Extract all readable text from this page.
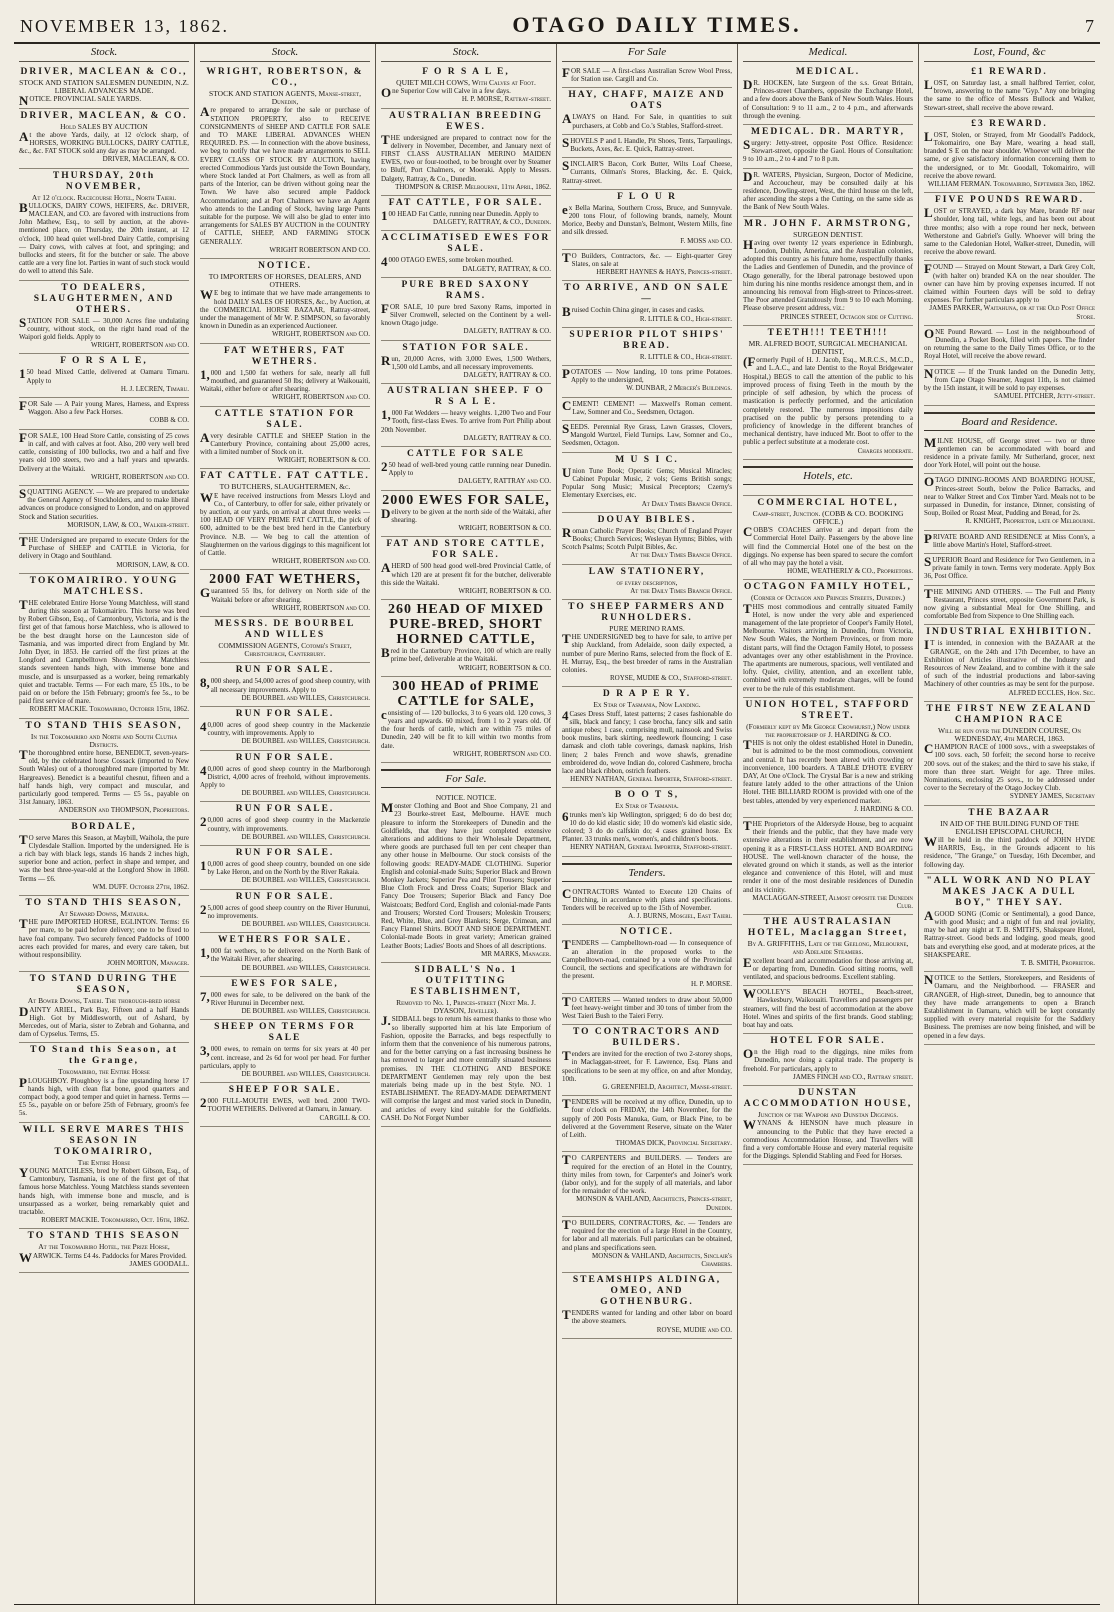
NOVEMBER 13, 1862.	OTAGO DAILY TIMES.	7
Stock.
DRIVER, MACLEAN & CO.,
STOCK AND STATION SALESMEN DUNEDIN, N.Z. LIBERAL ADVANCES MADE.
NOTICE. PROVINCIAL SALE YARDS.
DRIVER, MACLEAN, & CO.
Hold SALES BY AUCTION
At the above Yards, daily, at 12 o'clock sharp, of HORSES, WORKING BULLOCKS, DAIRY CATTLE, &c., &c. FAT STOCK sold any day as may be arranged.
DRIVER, MACLEAN, & CO.
THURSDAY, 20th NOVEMBER,
At 12 o'clock. Racecourse Hotel, North Taieri.
BULLOCKS, DAIRY COWS, HEIFERS, &c. DRIVER, MACLEAN, and CO. are favored with instructions from John Mathew, Esq., to sell by auction, at the above-mentioned place, on Thursday, the 20th instant, at 12 o'clock, 100 head quiet well-bred Dairy Cattle, comprising — Dairy cows, with calves at foot, and springing; and bullocks and steers, fit for the butcher or sale. The above cattle are a very fine lot. Parties in want of such stock would do well to attend this Sale.
TO DEALERS, SLAUGHTERMEN, AND OTHERS.
STATION FOR SALE — 30,000 Acres fine undulating country, without stock, on the right hand road of the Waipori gold fields. Apply to
WRIGHT, ROBERTSON and CO.
F O R S A L E,
150 head Mixed Cattle, delivered at Oamaru Timaru. Apply to
H. J. LECREN, Timaru.
FOR Sale — A Pair young Mares, Harness, and Express Waggon. Also a few Pack Horses.
COBB & CO.
FOR SALE, 100 Head Store Cattle, consisting of 25 cows in calf, and with calves at foot. Also, 200 very well bred cattle, consisting of 100 bullocks, two and a half and five years old 100 steers, two and a half years and upwards. Delivery at the Waitaki.
WRIGHT, ROBERTSON and CO.
SQUATTING AGENCY. — We are prepared to undertake the General Agency of Stockholders, and to make liberal advances on produce consigned to London, and on approved Stock and Station securities.
MORISON, LAW, & CO., Walker-street.
THE Undersigned are prepared to execute Orders for the Purchase of SHEEP and CATTLE in Victoria, for delivery in Otago and Southland.
MORISON, LAW, & CO.
TOKOMAIRIRO. YOUNG MATCHLESS.
THE celebrated Entire Horse Young Matchless, will stand during this season at Tokomairiro. This horse was bred by Robert Gibson, Esq., of Camtonbury, Victoria, and is the first get of that famous horse Matchless, who is allowed to be the best draught horse on the Launceston side of Tasmania, and was imported direct from England by Mr. John Dyer, in 1853. He carried off the first prizes at the Longford and Campbelltown Shows. Young Matchless stands seventeen hands high, with immense bone and muscle, and is unsurpassed as a worker, being remarkably quiet and tractable. Terms — For each mare, £5 10s., to be paid on or before the 15th February; groom's fee 5s., to be paid first service of mare.
ROBERT MACKIE. Tokomairiro, October 15th, 1862.
TO STAND THIS SEASON,
In the Tokomairiro and North and South Clutha Districts.
The thoroughbred entire horse, BENEDICT, seven-years-old, by the celebrated horse Cossack (imported to New South Wales) out of a thoroughbred mare (imported by Mr. Hargreaves). Benedict is a beautiful chesnut, fifteen and a half hands high, very compact and muscular, and particularly good tempered. Terms — £5 5s., payable on 31st January, 1863.
ANDERSON and THOMPSON, Proprietors.
BORDALE,
TO serve Mares this Season, at Maybill, Waihola, the pure Clydesdale Stallion. Imported by the undersigned. He is a rich bay with black legs, stands 16 hands 2 inches high, superior bone and action, perfect in shape and temper, and was the best three-year-old at the Longford Show in 1860. Terms — £6.
WM. DUFF. October 27th, 1862.
TO STAND THIS SEASON,
At Seaward Downs, Mataura.
THE pure IMPORTED HORSE, EGLINTON. Terms: £6 per mare, to be paid before delivery; one to be fixed to have foal company. Two securely fenced Paddocks of 1000 acres each provided for mares, and every care taken, but without responsibility.
JOHN MORTON, Manager.
TO STAND DURING THE SEASON,
At Bower Downs, Taieri. The thorough-bred horse
DAINTY ARIEL, Park Bay, Fifteen and a half Hands High. Got by Middlesworth, out of Ashard, by Mercedes, out of Maria, sister to Zebrah and Gohanna, and dam of Cypselus. Terms, £5.
TO Stand this Season, at the Grange,
Tokomairiro, the Entire Horse
PLOUGHBOY. Ploughboy is a fine upstanding horse 17 hands high, with clean flat bone, good quarters and compact body, a good temper and quiet in harness. Terms — £5 5s., payable on or before 25th of February, groom's fee 5s.
WILL SERVE MARES THIS SEASON IN TOKOMAIRIRO,
The Entire Horse
YOUNG MATCHLESS, bred by Robert Gibson, Esq., of Camtonbury, Tasmania, is one of the first get of that famous horse Matchless. Young Matchless stands seventeen hands high, with immense bone and muscle, and is unsurpassed as a worker, being remarkably quiet and tractable.
ROBERT MACKIE. Tokomairiro, Oct. 16th, 1862.
TO STAND THIS SEASON
At the Tokomairiro Hotel, the Prize Horse,
WARWICK. Terms £4 4s. Paddocks for Mares Provided.
JAMES GOODALL.
Stock.
WRIGHT, ROBERTSON, & CO.,
STOCK AND STATION AGENTS, Manse-street, Dunedin,
Are prepared to arrange for the sale or purchase of STATION PROPERTY, also to RECEIVE CONSIGNMENTS of SHEEP AND CATTLE FOR SALE and TO MAKE LIBERAL ADVANCES WHEN REQUIRED. P.S. — In connection with the above business, we beg to notify that we have made arrangements to SELL EVERY CLASS OF STOCK BY AUCTION, having erected Commodious Yards just outside the Town Boundary, where Stock landed at Port Chalmers, as well as from all parts of the Interior, can be driven without going near the Town. We have also secured ample Paddock Accommodation; and at Port Chalmers we have an Agent who attends to the Landing of Stock, having large Punts suitable for the purpose. We will also be glad to enter into arrangements for SALES BY AUCTION in the COUNTRY of CATTLE, SHEEP, AND FARMING STOCK GENERALLY.
WRIGHT ROBERTSON AND CO.
NOTICE.
TO IMPORTERS OF HORSES, DEALERS, AND OTHERS.
WE beg to intimate that we have made arrangements to hold DAILY SALES OF HORSES, &c., by Auction, at the COMMERCIAL HORSE BAZAAR, Rattray-street, under the management of Mr W. P. SIMPSON, so favorably known in Dunedin as an experienced Auctioneer.
WRIGHT, ROBERTSON and CO.
FAT WETHERS, FAT WETHERS.
1,000 and 1,500 fat wethers for sale, nearly all full mouthed, and guaranteed 50 lbs; delivery at Waikouaiti, Waitaki, either before or after shearing.
WRIGHT, ROBERTSON and CO.
CATTLE STATION FOR SALE.
Avery desirable CATTLE and SHEEP Station in the Canterbury Province, containing about 25,000 acres, with a limited number of Stock on it.
WRIGHT, ROBERTSON & CO.
FAT CATTLE. FAT CATTLE.
TO BUTCHERS, SLAUGHTERMEN, &c.
WE have received instructions from Messrs Lloyd and Co., of Canterbury, to offer for sale, either privately or by auction, at our yards, on arrival at about three weeks — 100 HEAD OF VERY PRIME FAT CATTLE, the pick of 600, admitted to be the best bred herd in the Canterbury Province. N.B. — We beg to call the attention of Slaughtermen on the various diggings to this magnificent lot of Cattle.
WRIGHT, ROBERTSON and CO.
2000 FAT WETHERS,
Guaranteed 55 lbs, for delivery on North side of the Waitaki before or after shearing.
WRIGHT, ROBERTSON and CO.
MESSRS. DE BOURBEL AND WILLES
COMMISSION AGENTS, Cotomb's Street, Christchurch, Canterbury.
RUN FOR SALE.
8,000 sheep, and 54,000 acres of good sheep country, with all necessary improvements. Apply to
DE BOURBEL and WILLES, Christchurch.
RUN FOR SALE.
40,000 acres of good sheep country in the Mackenzie country, with improvements. Apply to
DE BOURBEL and WILLES, Christchurch.
RUN FOR SALE.
40,000 acres of good sheep country in the Marlborough District, 4,000 acres of freehold, without improvements. Apply to
DE BOURBEL and WILLES, Christchurch.
RUN FOR SALE.
20,000 acres of good sheep country in the Mackenzie country, with improvements.
DE BOURBEL and WILLES, Christchurch.
RUN FOR SALE.
10,000 acres of good sheep country, bounded on one side by Lake Heron, and on the North by the River Rakaia.
DE BOURBEL and WILLES, Christchurch.
RUN FOR SALE.
25,000 acres of good sheep country on the River Hurunui, no improvements.
DE BOURBEL and WILLES, Christchurch.
WETHERS FOR SALE.
1,000 fat wethers, to be delivered on the North Bank of the Waitaki River, after shearing.
DE BOURBEL and WILLES, Christchurch.
EWES FOR SALE,
7,000 ewes for sale, to be delivered on the bank of the River Hurunui in December next.
DE BOURBEL and WILLES, Christchurch.
SHEEP ON TERMS FOR SALE
3,000 ewes, to remain on terms for six years at 40 per cent. increase, and 2s 6d for wool per head. For further particulars, apply to
DE BOURBEL and WILLES, Christchurch.
SHEEP FOR SALE.
2000 FULL-MOUTH EWES, well bred. 2000 TWO-TOOTH WETHERS. Delivered at Oamaru, in January.
CARGILL & CO.
Stock.
F O R S A L E,
QUIET MILCH COWS, With Calves at Foot.
One Superior Cow will Calve in a few days.
H. P. MORSE, Rattray-street.
AUSTRALIAN BREEDING EWES.
THE undersigned are prepared to contract now for the delivery in November, December, and January next of FIRST CLASS AUSTRALIAN MERINO MAIDEN EWES, two or four-toothed, to be brought over by Steamer to Bluff, Port Chalmers, or Moeraki. Apply to Messrs. Dalgety, Rattray, & Co., Dunedin.
THOMPSON & CRISP. Melbourne, 11th April, 1862.
FAT CATTLE, FOR SALE.
100 HEAD Fat Cattle, running near Dunedin. Apply to
DALGETY, RATTRAY, & CO., Dunedin.
ACCLIMATISED EWES FOR SALE.
4000 OTAGO EWES, some broken mouthed.
DALGETY, RATTRAY, & CO.
PURE BRED SAXONY RAMS.
FOR SALE, 10 pure bred Saxony Rams, imported in Silver Cromwell, selected on the Continent by a well-known Otago judge.
DALGETY, RATTRAY & CO.
STATION FOR SALE.
Run, 20,000 Acres, with 3,000 Ewes, 1,500 Wethers, 1,500 old Lambs, and all necessary improvements.
DALGETY, RATTRAY & CO.
AUSTRALIAN SHEEP. F O R S A L E.
1,000 Fat Wedders — heavy weights. 1,200 Two and Four Tooth, first-class Ewes. To arrive from Port Philip about 20th November.
DALGETY, RATTRAY & CO.
CATTLE FOR SALE
250 head of well-bred young cattle running near Dunedin. Apply to
DALGETY, RATTRAY and CO.
2000 EWES FOR SALE,
Delivery to be given at the north side of the Waitaki, after shearing.
WRIGHT, ROBERTSON & CO.
FAT AND STORE CATTLE, FOR SALE.
AHERD of 500 head good well-bred Provincial Cattle, of which 120 are at present fit for the butcher, deliverable this side the Waitaki.
WRIGHT, ROBERTSON & CO.
260 HEAD OF MIXED PURE-BRED, SHORT HORNED CATTLE,
Bred in the Canterbury Province, 100 of which are really prime beef, deliverable at the Waitaki.
WRIGHT, ROBERTSON & CO.
300 HEAD of PRIME CATTLE for SALE,
consisting of — 120 bullocks, 3 to 6 years old. 120 cows, 3 years and upwards. 60 mixed, from 1 to 2 years old. Of the four herds of cattle, which are within 75 miles of Dunedin, 240 will be fit to kill within two months from date.
WRIGHT, ROBERTSON and CO.
For Sale.
NOTICE. NOTICE.
Monster Clothing and Boot and Shoe Company, 21 and 23 Bourke-street East, Melbourne. HAVE much pleasure to inform the Storekeepers of Dunedin and the Goldfields, that they have just completed extensive alterations and additions to their Wholesale Department, where goods are purchased full ten per cent cheaper than any other house in Melbourne. Our stock consists of the following goods: READY-MADE CLOTHING. Superior English and colonial-made Suits; Superior Black and Brown Monkey Jackets; Superior Pea and Pilot Trousers; Superior Blue Cloth Frock and Dress Coats; Superior Black and Fancy Doe Trousers; Superior Black and Fancy Doe Waistcoats; Bedford Cord, English and colonial-made Pants and Trousers; Worsted Cord Trousers; Moleskin Trousers; Red, White, Blue, and Grey Blankets; Serge, Crimean, and Fancy Flannel Shirts. BOOT AND SHOE DEPARTMENT. Colonial-made Boots in great variety; American grained Leather Boots; Ladies' Boots and Shoes of all descriptions.
MR MARKS, Manager.
SIDBALL'S No. 1 OUTFITTING ESTABLISHMENT,
Removed to No. 1, Princes-street (Next Mr. J. DYASON, Jeweller).
J.SIDBALL begs to return his earnest thanks to those who so liberally supported him at his late Emporium of Fashion, opposite the Barracks, and begs respectfully to inform them that the convenience of his numerous patrons, and for the better carrying on a fast increasing business he has removed to larger and more centrally situated business premises. IN THE CLOTHING AND BESPOKE DEPARTMENT Gentlemen may rely upon the best materials being made up in the best Style. NO. 1 ESTABLISHMENT. The READY-MADE DEPARTMENT will comprise the largest and most varied stock in Dunedin, and articles of every kind suitable for the Goldfields. CASH. Do Not Forget Number
For Sale
FOR SALE — A first-class Australian Screw Wool Press, for Station use. Cargill and Co.
HAY, CHAFF, MAIZE AND OATS
ALWAYS on Hand. For Sale, in quantities to suit purchasers, at Cobb and Co.'s Stables, Stafford-street.
SHOVELS P and L Handle, Pit Shoes, Tents, Tarpaulings, Buckets, Axes, &c. E. Quick, Rattray-street.
SINCLAIR'S Bacon, Cork Butter, Wilts Loaf Cheese, Currants, Oilman's Stores, Blacking, &c. E. Quick, Rattray-street.
F L O U R
ex Bella Marina, Southern Cross, Bruce, and Sunnyvale. 200 tons Flour, of following brands, namely, Mount Morice, Beeby and Dunstan's, Belmont, Western Mills, fine and silk dressed.
F. MOSS and CO.
TO Builders, Contractors, &c. — Eight-quarter Grey Slates, on sale at
HERBERT HAYNES & HAYS, Princes-street.
TO ARRIVE, AND ON SALE —
Bruised Cochin China ginger, in cases and casks.
R. LITTLE & CO., High-street.
SUPERIOR PILOT SHIPS' BREAD.
R. LITTLE & CO., High-street.
POTATOES — Now landing, 10 tons prime Potatoes. Apply to the undersigned,
W. DUNBAR, 2 Mercer's Buildings.
CEMENT! CEMENT! — Maxwell's Roman cement. Law, Somner and Co., Seedsmen, Octagon.
SEEDS. Perennial Rye Grass, Lawn Grasses, Clovers, Mangold Wurtzel, Field Turnips. Law, Somner and Co., Seedsmen, Octagon.
M U S I C.
Union Tune Book; Operatic Gems; Musical Miracles; Cabinet Popular Music, 2 vols; Gems British songs; Popular Song Music; Musical Preceptors; Czerny's Elementary Exercises, etc.
At Daily Times Branch Office.
DOUAY BIBLES.
Roman Catholic Prayer Books; Church of England Prayer Books; Church Services; Wesleyan Hymns; Bibles, with Scotch Psalms; Scotch Pulpit Bibles, &c.
At the Daily Times Branch Office.
LAW STATIONERY,
of every description,
At the Daily Times Branch Office.
TO SHEEP FARMERS AND RUNHOLDERS.
PURE MERINO RAMS.
THE UNDERSIGNED beg to have for sale, to arrive per ship Auckland, from Adelaide, soon daily expected, a number of pure Merino Rams, selected from the flock of E. H. Murray, Esq., the best breeder of rams in the Australian colonies.
ROYSE, MUDIE & CO., Stafford-street.
D R A P E R Y.
Ex Star of Tasmania, Now Landing.
4Cases Dress Stuff, latest patterns; 2 cases fashionable do silk, black and fancy; 1 case brocha, fancy silk and satin antique robes; 1 case, comprising mull, nainsook and Swiss book muslins, bark skirting, needlework flouncing; 1 case damask and cloth table coverings, damask napkins, Irish linen; 2 bales French and wove shawls, grenadine embroidered do, wove Indian do, colored Cashmere, brocha lace and black ribbon, ostrich feathers.
HENRY NATHAN, General Importer, Stafford-street.
B O O T S,
Ex Star of Tasmania.
6trunks men's kip Wellington, sprigged; 6 do do best do; 10 do do kid elastic side; 10 do women's kid elastic side, colored; 3 do do calfskin do; 4 cases grained hose. Ex Planter. 33 trunks men's, women's, and children's boots.
HENRY NATHAN, General Importer, Stafford-street.
Tenders.
CONTRACTORS Wanted to Execute 120 Chains of Ditching, in accordance with plans and specifications. Tenders will be received up to the 15th of November.
A. J. BURNS, Mosgiel, East Taieri.
NOTICE.
TENDERS — Campbelltown-road — In consequence of an alteration in the proposed works to the Campbelltown-road, contained by a vote of the Provincial Council, the sections and specifications are withdrawn for the present.
H. P. MORSE.
TO CARTERS — Wanted tenders to draw about 50,000 feet heavy-weight timber and 30 tons of timber from the West Taieri Bush to the Taieri Ferry.
TO CONTRACTORS AND BUILDERS.
Tenders are invited for the erection of two 2-storey shops, in Maclaggan-street, for F. Lawrence, Esq. Plans and specifications to be seen at my office, on and after Monday, 10th.
G. GREENFIELD, Architect, Manse-street.
TENDERS will be received at my office, Dunedin, up to four o'clock on FRIDAY, the 14th November, for the supply of 200 Posts Manuka, Gum, or Black Pine, to be delivered at the Government Reserve, situate on the Water of Leith.
THOMAS DICK, Provincial Secretary.
TO CARPENTERS and BUILDERS. — Tenders are required for the erection of an Hotel in the Country, thirty miles from town, for Carpenter's and Joiner's work (labor only), and for the supply of all materials, and labor for the remainder of the work.
MONSON & VAHLAND, Architects, Princes-street, Dunedin.
TO BUILDERS, CONTRACTORS, &c. — Tenders are required for the erection of a large Hotel in the Country, for labor and all materials. Full particulars can be obtained, and plans and specifications seen.
MONSON & VAHLAND, Architects, Sinclair's Chambers.
STEAMSHIPS ALDINGA, OMEO, AND GOTHENBURG.
TENDERS wanted for landing and other labor on board the above steamers.
ROYSE, MUDIE and CO.
Medical.
MEDICAL.
DR. HOCKEN, late Surgeon of the s.s. Great Britain, Princes-street Chambers, opposite the Exchange Hotel, and a few doors above the Bank of New South Wales. Hours of Consultation: 9 to 11 a.m., 2 to 4 p.m., and afterwards through the evening.
MEDICAL. DR. MARTYR,
Surgery: Jetty-street, opposite Post Office. Residence: Stewart-street, opposite the Gaol. Hours of Consultation: 9 to 10 a.m., 2 to 4 and 7 to 8 p.m.
DR. WATERS, Physician, Surgeon, Doctor of Medicine, and Accoucheur, may be consulted daily at his residence, Dowling-street, West, the third house on the left, after ascending the steps a the Cutting, on the same side as the Bank of New South Wales.
MR. JOHN F. ARMSTRONG,
SURGEON DENTIST.
Having over twenty 12 years experience in Edinburgh, London, Dublin, America, and the Australian colonies, adopted this country as his future home, respectfully thanks the Ladies and Gentlemen of Dunedin, and the province of Otago generally, for the liberal patronage bestowed upon him during his nine months residence amongst them, and in announcing his removal from High-street to Princes-street. The Poor attended Gratuitously from 9 to 10 each Morning. Please observe present address, viz.:
PRINCES STREET, Octagon side of Cutting.
TEETH!!! TEETH!!!
MR. ALFRED BOOT, SURGICAL MECHANICAL DENTIST,
(Formerly Pupil of H. J. Jacob, Esq., M.R.C.S., M.C.D., and L.A.C., and late Dentist to the Royal Bridgewater Hospital,) BEGS to call the attention of the public to his improved process of fixing Teeth in the mouth by the principle of self adhesion, by which the process of mastication is perfectly performed, and the articulation completely restored. The numerous impositions daily practised on the public by persons pretending to a proficiency of knowledge in the different branches of mechanical dentistry, have induced Mr. Boot to offer to the public a perfect substitute at a moderate cost.
Charges moderate.
Hotels, etc.
COMMERCIAL HOTEL,
Camp-street, Junction. (COBB & CO. BOOKING OFFICE.)
COBB'S COACHES arrive at and depart from the Commercial Hotel Daily. Passengers by the above line will find the Commercial Hotel one of the best on the diggings. No expense has been spared to secure the comfort of all who may pay the hotel a visit.
HOME, WEATHERLY & CO., Proprietors.
OCTAGON FAMILY HOTEL,
(Corner of Octagon and Princes Streets, Dunedin.)
THIS most commodious and centrally situated Family Hotel, is now under the very able and experienced management of the late proprietor of Cooper's Family Hotel, Melbourne. Visitors arriving in Dunedin, from Victoria, New South Wales, the Northern Provinces, or from more distant parts, will find the Octagon Family Hotel, to possess advantages over any other establishment in the Province. The apartments are numerous, spacious, well ventilated and lofty. Quiet, civility, attention, and an excellent table, combined with extremely moderate charges, will be found ever to be the rule of this establishment.
UNION HOTEL, STAFFORD STREET.
(Formerly kept by Mr George Crowhurst,) Now under the proprietorship of J. HARDING & CO.
THIS is not only the oldest established Hotel in Dunedin, but is admitted to be the most commodious, convenient and central. It has recently been altered with crowding or inconvenience, 100 boarders. A TABLE D'HOTE EVERY DAY, At One o'Clock. The Crystal Bar is a new and striking feature lately added to the other attractions of the Union Hotel. THE BILLIARD ROOM is provided with one of the best tables, attended by very experienced marker.
J. HARDING & CO.
THE Proprietors of the Aldersyde House, beg to acquaint their friends and the public, that they have made very extensive alterations in their establishment, and are now opening it as a FIRST-CLASS HOTEL AND BOARDING HOUSE. The well-known character of the house, the elevated ground on which it stands, as well as the interior elegance and convenience of this Hotel, will and must render it one of the most desirable residences of Dunedin and its vicinity.
MACLAGGAN-STREET, Almost opposite the Dunedin Club.
THE AUSTRALASIAN HOTEL, Maclaggan Street,
By A. GRIFFITHS, Late of the Geelong, Melbourne, and Adelaide Steamers.
Excellent board and accommodation for those arriving at, or departing from, Dunedin. Good sitting rooms, well ventilated, and spacious bedrooms. Excellent stabling.
WOOLLEY'S BEACH HOTEL, Beach-street, Hawkesbury, Waikouaiti. Travellers and passengers per steamers, will find the best of accommodation at the above Hotel. Wines and spirits of the first brands. Good stabling; boat hay and oats.
HOTEL FOR SALE.
On the High road to the diggings, nine miles from Dunedin, now doing a capital trade. The property is freehold. For particulars, apply to
JAMES FINCH and CO., Rattray street.
DUNSTAN ACCOMMODATION HOUSE,
Junction of the Waipori and Dunstan Diggings.
WYNANS & HENSON have much pleasure in announcing to the Public that they have erected a commodious Accommodation House, and Travellers will find a very comfortable House and every material requisite for the Diggings. Splendid Stabling and Feed for Horses.
Lost, Found, &c
£1 REWARD.
LOST, on Saturday last, a small halfbred Terrier, color, brown, answering to the name "Gyp." Any one bringing the same to the office of Messrs Bullock and Walker, Stewart-street, shall receive the above reward.
£3 REWARD.
LOST, Stolen, or Strayed, from Mr Goodall's Paddock, Tokomairiro, one Bay Mare, wearing a head stall, branded S E on the near shoulder. Whoever will deliver the same, or give satisfactory information concerning them to the undersigned, or to Mr. Goodall, Tokomairiro, will receive the above reward.
WILLIAM FERMAN. Tokomairiro, September 3rd, 1862.
FIVE POUNDS REWARD.
LOST or STRAYED, a dark bay Mare, brande RF near shoulder, long tail, white legs, and has been out about three months; also with a rope round her neck, between Wetherstone and Gabriel's Gully. Whoever will bring the same to the Caledonian Hotel, Walker-street, Dunedin, will receive the above reward.
FOUND — Strayed on Mount Stewart, a Dark Grey Colt, (with halter on) branded KA on the near shoulder. The owner can have him by proving expenses incurred. If not claimed within Fourteen days will be sold to defray expenses. For further particulars apply to
JAMES PARKER, Waitahuna, or at the Old Post Office Store.
ONE Pound Reward. — Lost in the neighbourhood of Dunedin, a Pocket Book, filled with papers. The finder on returning the same to the Daily Times Office, or to the Royal Hotel, will receive the above reward.
NOTICE — If the Trunk landed on the Dunedin Jetty, from Cape Otago Steamer, August 11th, is not claimed by the 15th instant, it will be sold to pay expenses.
SAMUEL PITCHER, Jetty-street.
Board and Residence.
MILNE HOUSE, off George street — two or three gentlemen can be accommodated with board and residence in a private family. Mr Sutherland, grocer, next door York Hotel, will point out the house.
OTAGO DINING-ROOMS AND BOARDING HOUSE, Princes-street South, below the Police Barracks, and near to Walker Street and Cox Timber Yard. Meals not to be surpassed in Dunedin, for instance, Dinner, consisting of Soup, Boiled or Roast Meat, Pudding and Bread, for 2s.
R. KNIGHT, Proprietor, late of Melbourne.
PRIVATE BOARD AND RESIDENCE at Miss Conn's, a little above Martin's Hotel, Stafford-street.
SUPERIOR Board and Residence for Two Gentlemen, in a private family in town. Terms very moderate. Apply Box 36, Post Office.
THE MINING AND OTHERS. — The Full and Plenty Restaurant, Princes street, opposite Government Park, is now giving a substantial Meal for One Shilling, and comfortable Bed from Sixpence to One Shilling each.
INDUSTRIAL EXHIBITION.
IT is intended, in connexion with the BAZAAR at the GRANGE, on the 24th and 17th December, to have an Exhibition of Articles illustrative of the Industry and Resources of New Zealand, and to combine with it the sale of such of the industrial productions and labor-saving Machinery of other countries as may be sent for the purpose.
ALFRED ECCLES, Hon. Sec.
THE FIRST NEW ZEALAND CHAMPION RACE
Will be run over the DUNEDIN COURSE, On WEDNESDAY, 4th MARCH, 1863.
CHAMPION RACE of 1000 sovs., with a sweepstakes of 100 sovs. each, 50 forfeit; the second horse to receive 200 sovs. out of the stakes; and the third to save his stake, if more than three start. Weight for age. Three miles. Nominations, enclosing 25 sovs., to be addressed under cover to the Secretary of the Otago Jockey Club.
SYDNEY JAMES, Secretary
THE BAZAAR
IN AID OF THE BUILDING FUND OF THE ENGLISH EPISCOPAL CHURCH,
Will be held in the third paddock of JOHN HYDE HARRIS, Esq., in the Grounds adjacent to his residence, "The Grange," on Tuesday, 16th December, and following day.
"ALL WORK AND NO PLAY MAKES JACK A DULL BOY," THEY SAY.
AGOOD SONG (Comic or Sentimental), a good Dance, with good Music; and a night of fun and real joviality, may be had any night at T. B. SMITH'S, Shakspeare Hotel, Rattray-street. Good beds and lodging, good meals, good bats and everything else good, and at moderate prices, at the SHAKSPEARE.
T. B. SMITH, Proprietor.
NOTICE to the Settlers, Storekeepers, and Residents of Oamaru, and the Neighborhood. — FRASER and GRANGER, of High-street, Dunedin, beg to announce that they have made arrangements to open a Branch Establishment in Oamaru, which will be kept constantly supplied with every material requisite for the Saddlery Business. The premises are now being finished, and will be opened in a few days.
